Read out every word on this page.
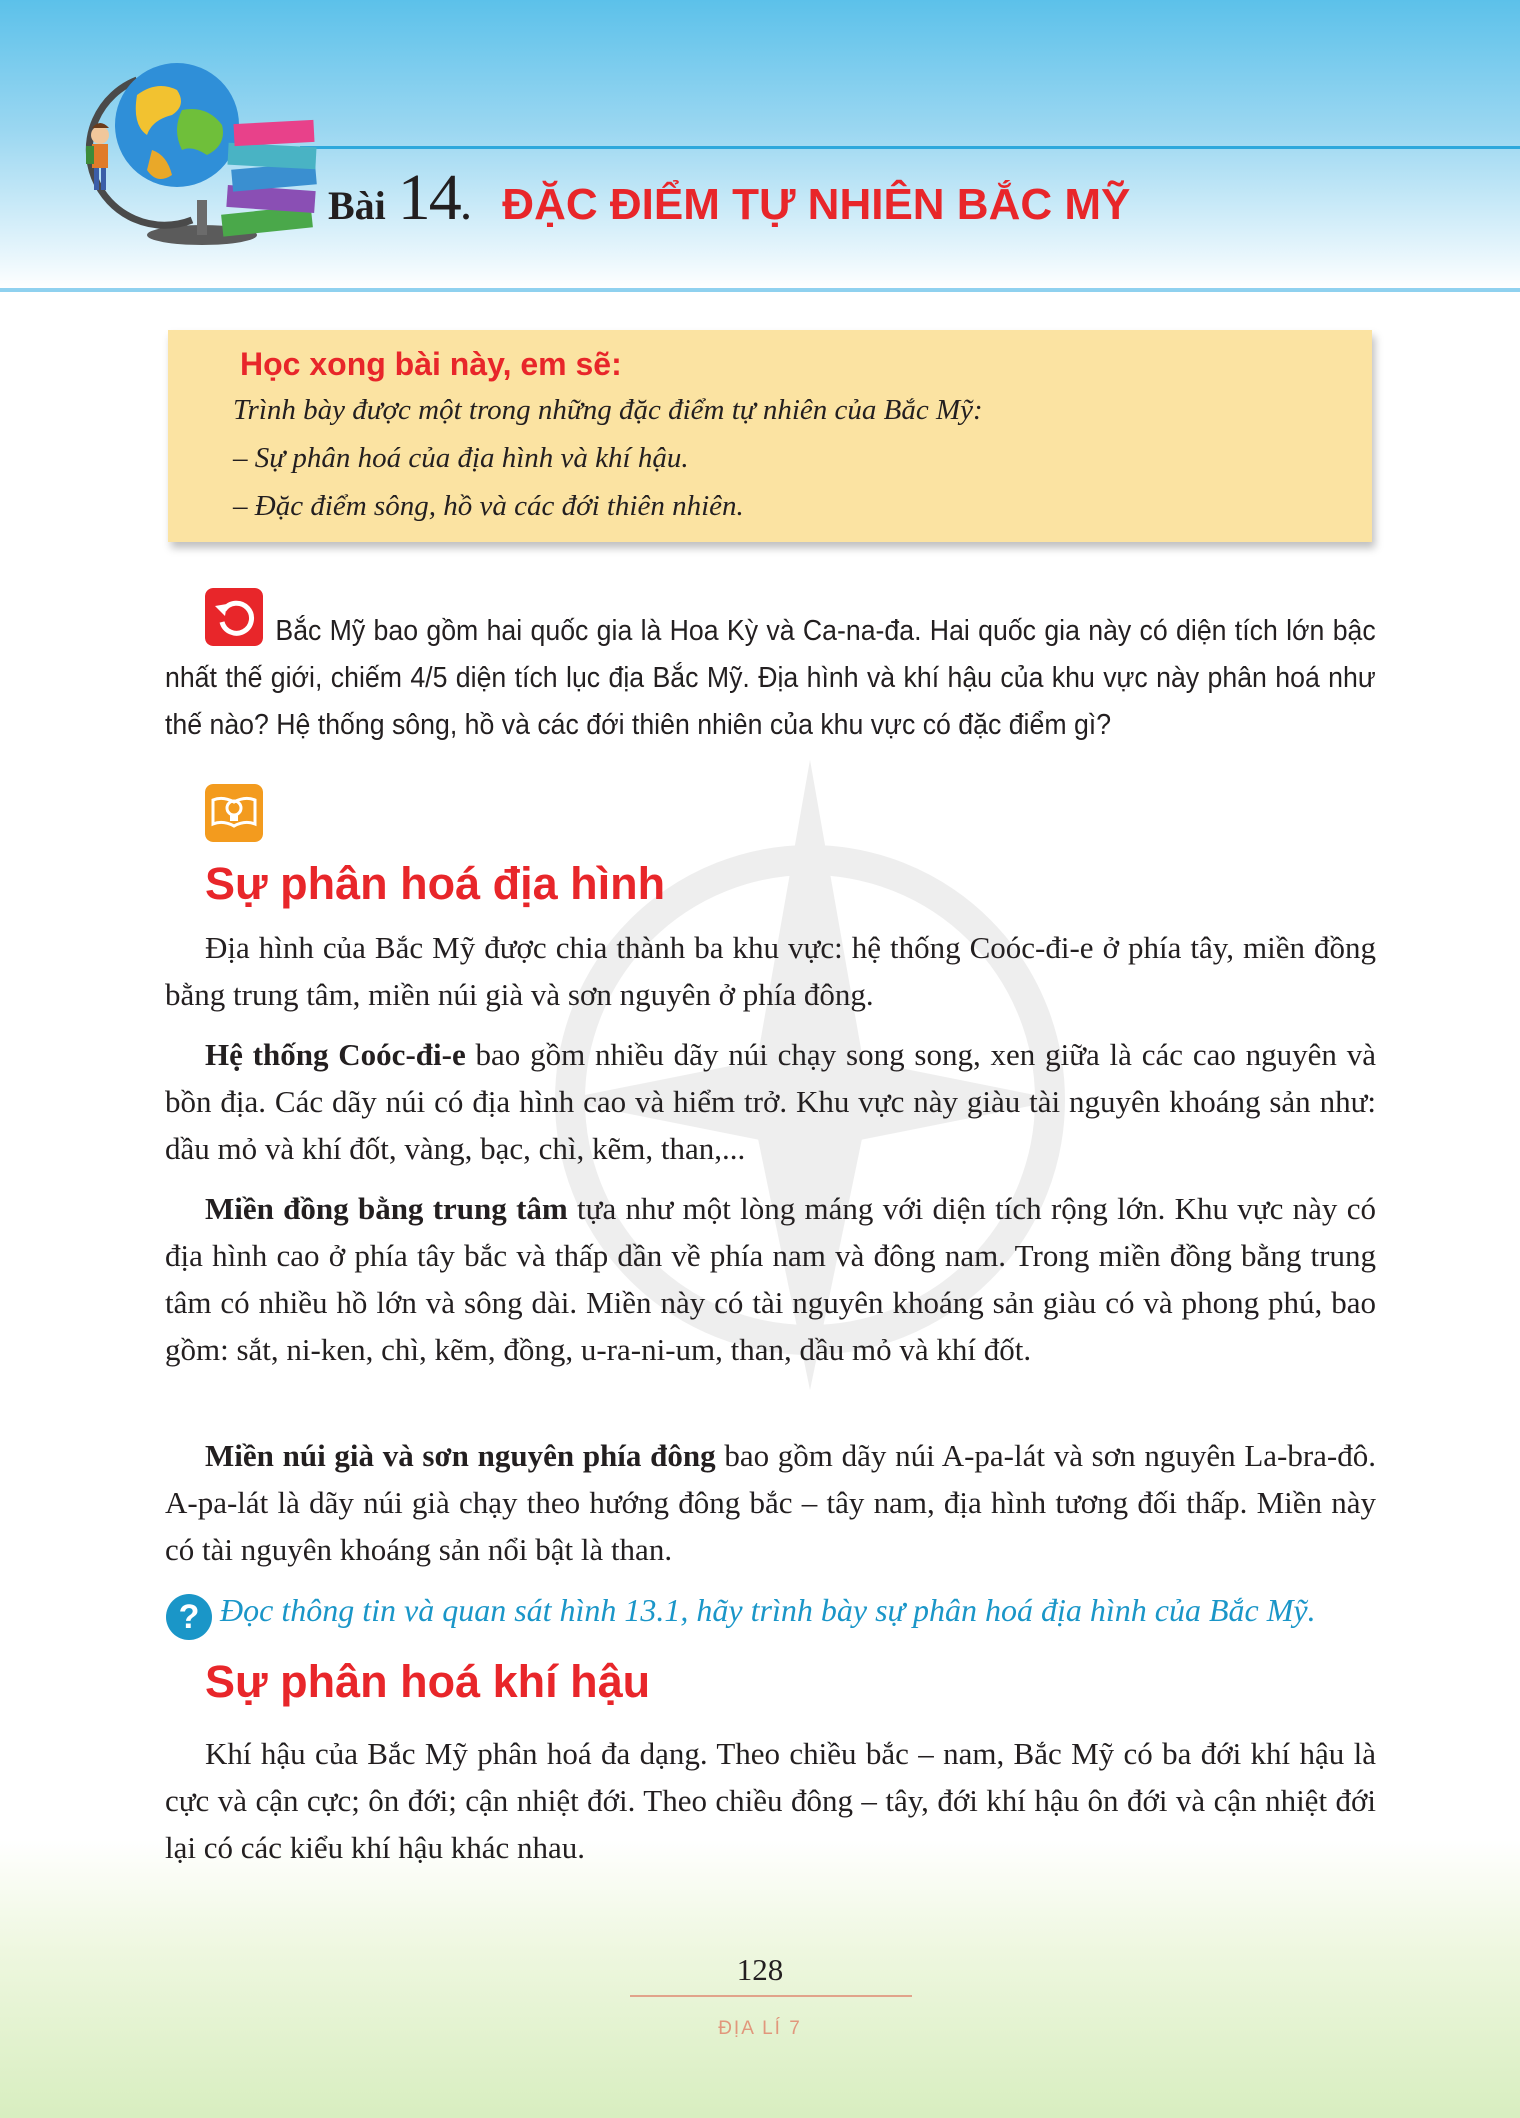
Bài 14 . ĐẶC ĐIỂM TỰ NHIÊN BẮC MỸ
Học xong bài này, em sẽ:
Trình bày được một trong những đặc điểm tự nhiên của Bắc Mỹ:
– Sự phân hoá của địa hình và khí hậu.
– Đặc điểm sông, hồ và các đới thiên nhiên.

Bắc Mỹ bao gồm hai quốc gia là Hoa Kỳ và Ca-na-đa. Hai quốc gia này có diện tích lớn bậc nhất thế giới, chiếm 4/5 diện tích lục địa Bắc Mỹ. Địa hình và khí hậu của khu vực này phân hoá như thế nào? Hệ thống sông, hồ và các đới thiên nhiên của khu vực có đặc điểm gì?

Sự phân hoá địa hình

Địa hình của Bắc Mỹ được chia thành ba khu vực: hệ thống Coóc-đi-e ở phía tây, miền đồng bằng trung tâm, miền núi già và sơn nguyên ở phía đông.

Hệ thống Coóc-đi-e bao gồm nhiều dãy núi chạy song song, xen giữa là các cao nguyên và bồn địa. Các dãy núi có địa hình cao và hiểm trở. Khu vực này giàu tài nguyên khoáng sản như: dầu mỏ và khí đốt, vàng, bạc, chì, kẽm, than,...

Miền đồng bằng trung tâm tựa như một lòng máng với diện tích rộng lớn. Khu vực này có địa hình cao ở phía tây bắc và thấp dần về phía nam và đông nam. Trong miền đồng bằng trung tâm có nhiều hồ lớn và sông dài. Miền này có tài nguyên khoáng sản giàu có và phong phú, bao gồm: sắt, ni-ken, chì, kẽm, đồng, u-ra-ni-um, than, dầu mỏ và khí đốt.

Miền núi già và sơn nguyên phía đông bao gồm dãy núi A-pa-lát và sơn nguyên La-bra-đô. A-pa-lát là dãy núi già chạy theo hướng đông bắc – tây nam, địa hình tương đối thấp. Miền này có tài nguyên khoáng sản nổi bật là than.

? Đọc thông tin và quan sát hình 13.1, hãy trình bày sự phân hoá địa hình của Bắc Mỹ.
Sự phân hoá khí hậu

Khí hậu của Bắc Mỹ phân hoá đa dạng. Theo chiều bắc – nam, Bắc Mỹ có ba đới khí hậu là cực và cận cực; ôn đới; cận nhiệt đới. Theo chiều đông – tây, đới khí hậu ôn đới và cận nhiệt đới lại có các kiểu khí hậu khác nhau.

128
ĐỊA LÍ 7
